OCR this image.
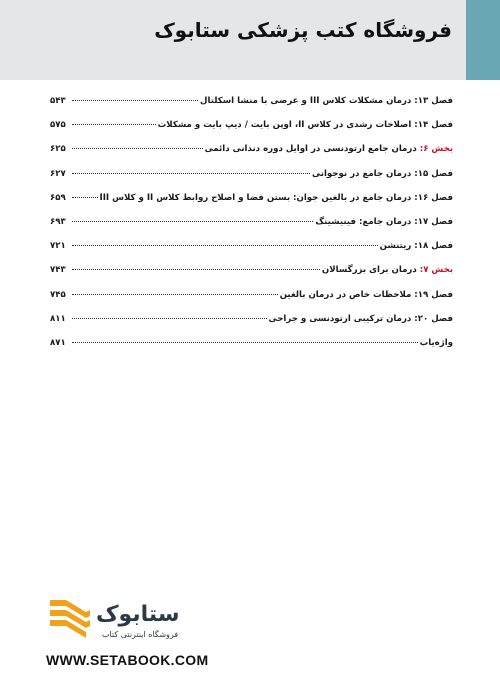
فروشگاه کتب پزشکی ستابوک
فصل ۱۳: درمان مشکلات کلاس III و عرضی با منشا اسکلتال
۵۴۳
فصل ۱۴: اصلاحات رشدی در کلاس II، اوپن بایت / دیپ بایت و مشکلات
۵۷۵
بخش ۶: درمان جامع ارتودنسی در اوایل دوره دندانی دائمی
۶۲۵
فصل ۱۵: درمان جامع در نوجوانی
۶۲۷
فصل ۱۶: درمان جامع در بالغین جوان: بستن فضا و اصلاح روابط کلاس II و کلاس III
۶۵۹
فصل ۱۷: درمان جامع: فینیشینگ
۶۹۳
فصل ۱۸: ریتنشن
۷۲۱
بخش ۷: درمان برای بزرگسالان
۷۴۳
فصل ۱۹: ملاحظات خاص در درمان بالغین
۷۴۵
فصل ۲۰: درمان ترکیبی ارتودنسی و جراحی
۸۱۱
واژه‌یاب
۸۷۱
ستابوک
فروشگاه اینترنتی کتاب
WWW.SETABOOK.COM
